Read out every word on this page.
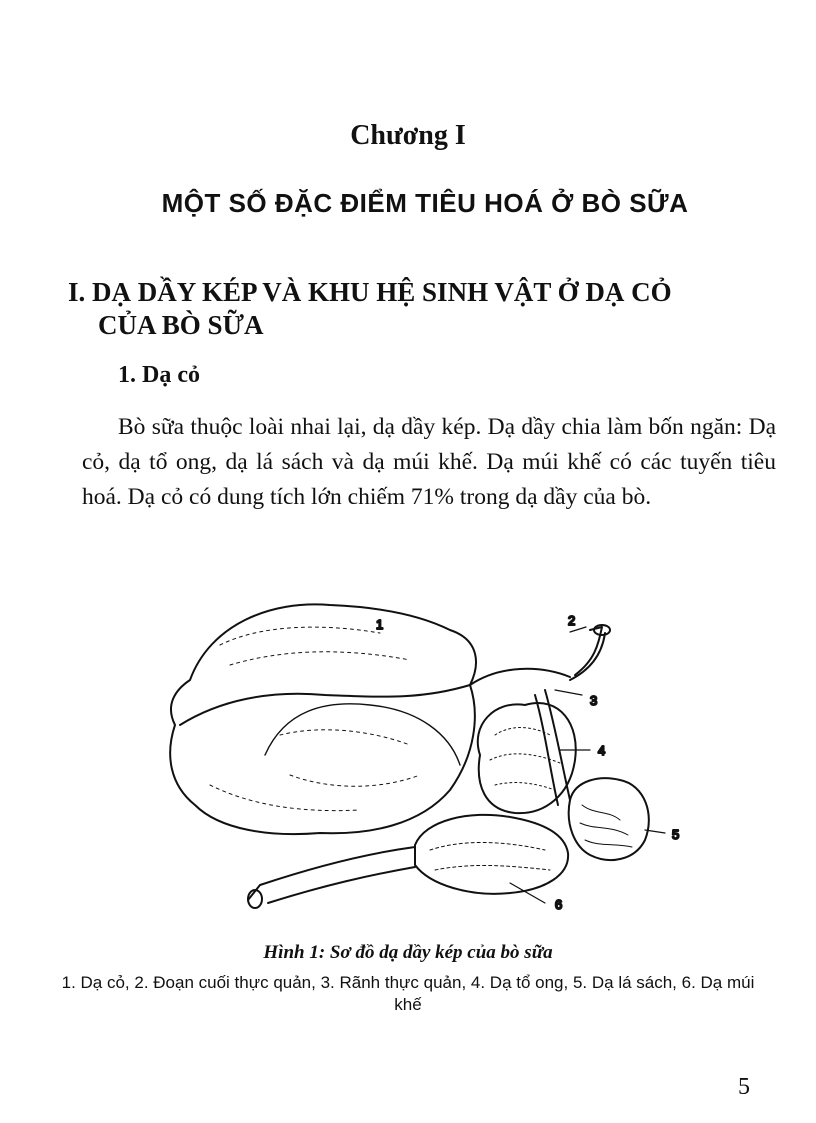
Chương I
MỘT SỐ ĐẶC ĐIỂM TIÊU HOÁ Ở BÒ SỮA
I. DẠ DẦY KÉP VÀ KHU HỆ SINH VẬT Ở DẠ CỎ
CỦA BÒ SỮA
1. Dạ cỏ

Bò sữa thuộc loài nhai lại, dạ dầy kép. Dạ dầy chia làm bốn ngăn: Dạ cỏ, dạ tổ ong, dạ lá sách và dạ múi khế. Dạ múi khế có các tuyến tiêu hoá. Dạ cỏ có dung tích lớn chiếm 71% trong dạ dầy của bò.

1	2
3
4
5
6
Hình 1: Sơ đồ dạ dầy kép của bò sữa
1. Dạ cỏ, 2. Đoạn cuối thực quản, 3. Rãnh thực quản, 4. Dạ tổ ong, 5. Dạ lá sách, 6. Dạ múi khế
5
